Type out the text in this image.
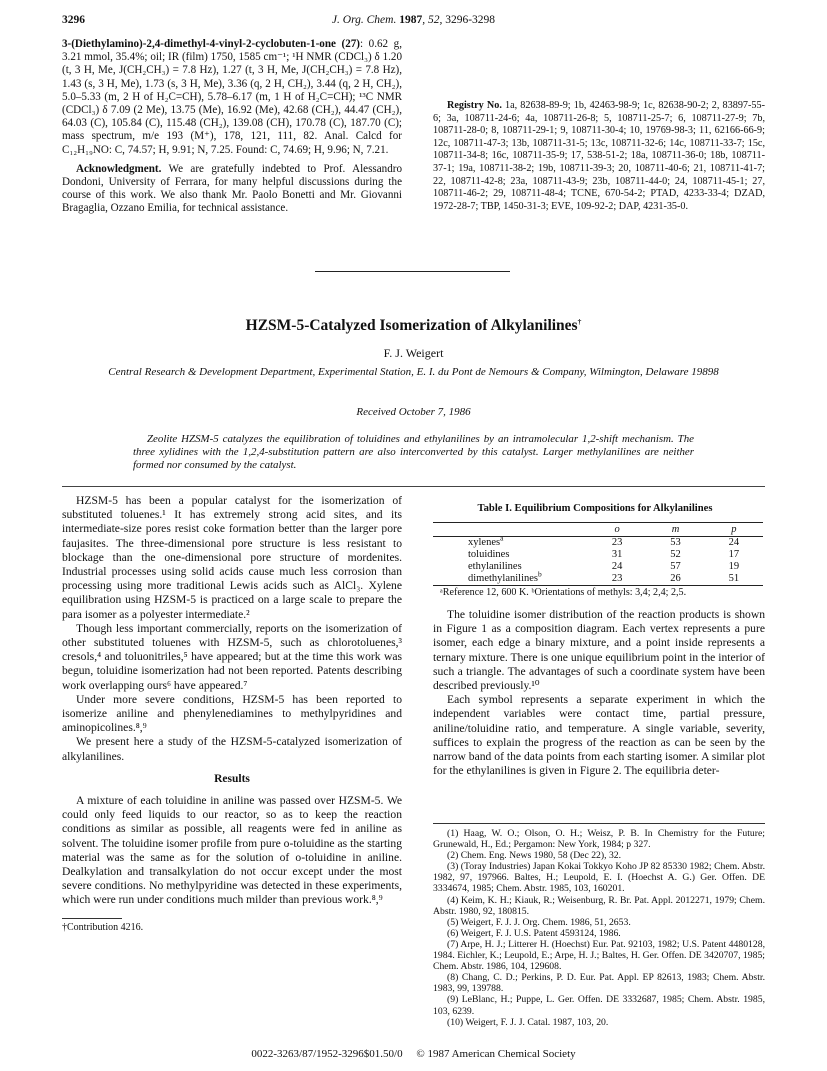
3296	J. Org. Chem. 1987, 52, 3296-3298

3-(Diethylamino)-2,4-dimethyl-4-vinyl-2-cyclobuten-1-one (27): 0.62 g, 3.21 mmol, 35.4%; oil; IR (film) 1750, 1585 cm⁻¹; ¹H NMR (CDCl₃) δ 1.20 (t, 3 H, Me, J(CH₂CH₃) = 7.8 Hz), 1.27 (t, 3 H, Me, J(CH₂CH₃) = 7.8 Hz), 1.43 (s, 3 H, Me), 1.73 (s, 3 H, Me), 3.36 (q, 2 H, CH₂), 3.44 (q, 2 H, CH₂), 5.0–5.33 (m, 2 H of H₂C=CH), 5.78–6.17 (m, 1 H of H₂C=CH); ¹³C NMR (CDCl₃) δ 7.09 (2 Me), 13.75 (Me), 16.92 (Me), 42.68 (CH₂), 44.47 (CH₂), 64.03 (C), 105.84 (C), 115.48 (CH₂), 139.08 (CH), 170.78 (C), 187.70 (C); mass spectrum, m/e 193 (M⁺), 178, 121, 111, 82. Anal. Calcd for C₁₂H₁₉NO: C, 74.57; H, 9.91; N, 7.25. Found: C, 74.69; H, 9.96; N, 7.21.

Acknowledgment. We are gratefully indebted to Prof. Alessandro Dondoni, University of Ferrara, for many helpful discussions during the course of this work. We also thank Mr. Paolo Bonetti and Mr. Giovanni Bragaglia, Ozzano Emilia, for technical assistance.

Registry No. 1a, 82638-89-9; 1b, 42463-98-9; 1c, 82638-90-2; 2, 83897-55-6; 3a, 108711-24-6; 4a, 108711-26-8; 5, 108711-25-7; 6, 108711-27-9; 7b, 108711-28-0; 8, 108711-29-1; 9, 108711-30-4; 10, 19769-98-3; 11, 62166-66-9; 12c, 108711-47-3; 13b, 108711-31-5; 13c, 108711-32-6; 14c, 108711-33-7; 15c, 108711-34-8; 16c, 108711-35-9; 17, 538-51-2; 18a, 108711-36-0; 18b, 108711-37-1; 19a, 108711-38-2; 19b, 108711-39-3; 20, 108711-40-6; 21, 108711-41-7; 22, 108711-42-8; 23a, 108711-43-9; 23b, 108711-44-0; 24, 108711-45-1; 27, 108711-46-2; 29, 108711-48-4; TCNE, 670-54-2; PTAD, 4233-33-4; DZAD, 1972-28-7; TBP, 1450-31-3; EVE, 109-92-2; DAP, 4231-35-0.

HZSM-5-Catalyzed Isomerization of Alkylanilines†
F. J. Weigert
Central Research & Development Department, Experimental Station, E. I. du Pont de Nemours & Company, Wilmington, Delaware 19898
Received October 7, 1986
Zeolite HZSM-5 catalyzes the equilibration of toluidines and ethylanilines by an intramolecular 1,2-shift mechanism. The three xylidines with the 1,2,4-substitution pattern are also interconverted by this catalyst. Larger methylanilines are neither formed nor consumed by the catalyst.

HZSM-5 has been a popular catalyst for the isomerization of substituted toluenes.¹ It has extremely strong acid sites, and its intermediate-size pores resist coke formation better than the larger pore faujasites. The three-dimensional pore structure is less resistant to blockage than the one-dimensional pore structure of mordenites. Industrial processes using solid acids cause much less corrosion than processing using more traditional Lewis acids such as AlCl₃. Xylene equilibration using HZSM-5 is practiced on a large scale to prepare the para isomer as a polyester intermediate.²

Though less important commercially, reports on the isomerization of other substituted toluenes with HZSM-5, such as chlorotoluenes,³ cresols,⁴ and toluonitriles,⁵ have appeared; but at the time this work was begun, toluidine isomerization had not been reported. Patents describing work overlapping ours⁶ have appeared.⁷

Under more severe conditions, HZSM-5 has been reported to isomerize aniline and phenylenediamines to methylpyridines and aminopicolines.⁸,⁹

We present here a study of the HZSM-5-catalyzed isomerization of alkylanilines.

Results

A mixture of each toluidine in aniline was passed over HZSM-5. We could only feed liquids to our reactor, so as to keep the reaction conditions as similar as possible, all reagents were fed in aniline as solvent. The toluidine isomer profile from pure o-toluidine as the starting material was the same as for the solution of o-toluidine in aniline. Dealkylation and transalkylation do not occur except under the most severe conditions. No methylpyridine was detected in these experiments, which were run under conditions much milder than previous work.⁸,⁹

†Contribution 4216.

Table I. Equilibrium Compositions for Alkylanilines
	o	m	p
xylenes$^a$	23	53	24
toluidines	31	52	17
ethylanilines	24	57	19
dimethylanilines$^b$	23	26	51
ᵃReference 12, 600 K. ᵇOrientations of methyls: 3,4; 2,4; 2,5.

The toluidine isomer distribution of the reaction products is shown in Figure 1 as a composition diagram. Each vertex represents a pure isomer, each edge a binary mixture, and a point inside represents a ternary mixture. There is one unique equilibrium point in the interior of such a triangle. The advantages of such a coordinate system have been described previously.¹⁰

Each symbol represents a separate experiment in which the independent variables were contact time, partial pressure, aniline/toluidine ratio, and temperature. A single variable, severity, suffices to explain the progress of the reaction as can be seen by the narrow band of the data points from each starting isomer. A similar plot for the ethylanilines is given in Figure 2. The equilibria deter-

(1) Haag, W. O.; Olson, O. H.; Weisz, P. B. In Chemistry for the Future; Grunewald, H., Ed.; Pergamon: New York, 1984; p 327.

(2) Chem. Eng. News 1980, 58 (Dec 22), 32.

(3) (Toray Industries) Japan Kokai Tokkyo Koho JP 82 85330 1982; Chem. Abstr. 1982, 97, 197966. Baltes, H.; Leupold, E. I. (Hoechst A. G.) Ger. Offen. DE 3334674, 1985; Chem. Abstr. 1985, 103, 160201.

(4) Keim, K. H.; Kiauk, R.; Weisenburg, R. Br. Pat. Appl. 2012271, 1979; Chem. Abstr. 1980, 92, 180815.

(5) Weigert, F. J. J. Org. Chem. 1986, 51, 2653.

(6) Weigert, F. J. U.S. Patent 4593124, 1986.

(7) Arpe, H. J.; Litterer H. (Hoechst) Eur. Pat. 92103, 1982; U.S. Patent 4480128, 1984. Eichler, K.; Leupold, E.; Arpe, H. J.; Baltes, H. Ger. Offen. DE 3420707, 1985; Chem. Abstr. 1986, 104, 129608.

(8) Chang, C. D.; Perkins, P. D. Eur. Pat. Appl. EP 82613, 1983; Chem. Abstr. 1983, 99, 139788.

(9) LeBlanc, H.; Puppe, L. Ger. Offen. DE 3332687, 1985; Chem. Abstr. 1985, 103, 6239.

(10) Weigert, F. J. J. Catal. 1987, 103, 20.

0022-3263/87/1952-3296$01.50/0 © 1987 American Chemical Society
